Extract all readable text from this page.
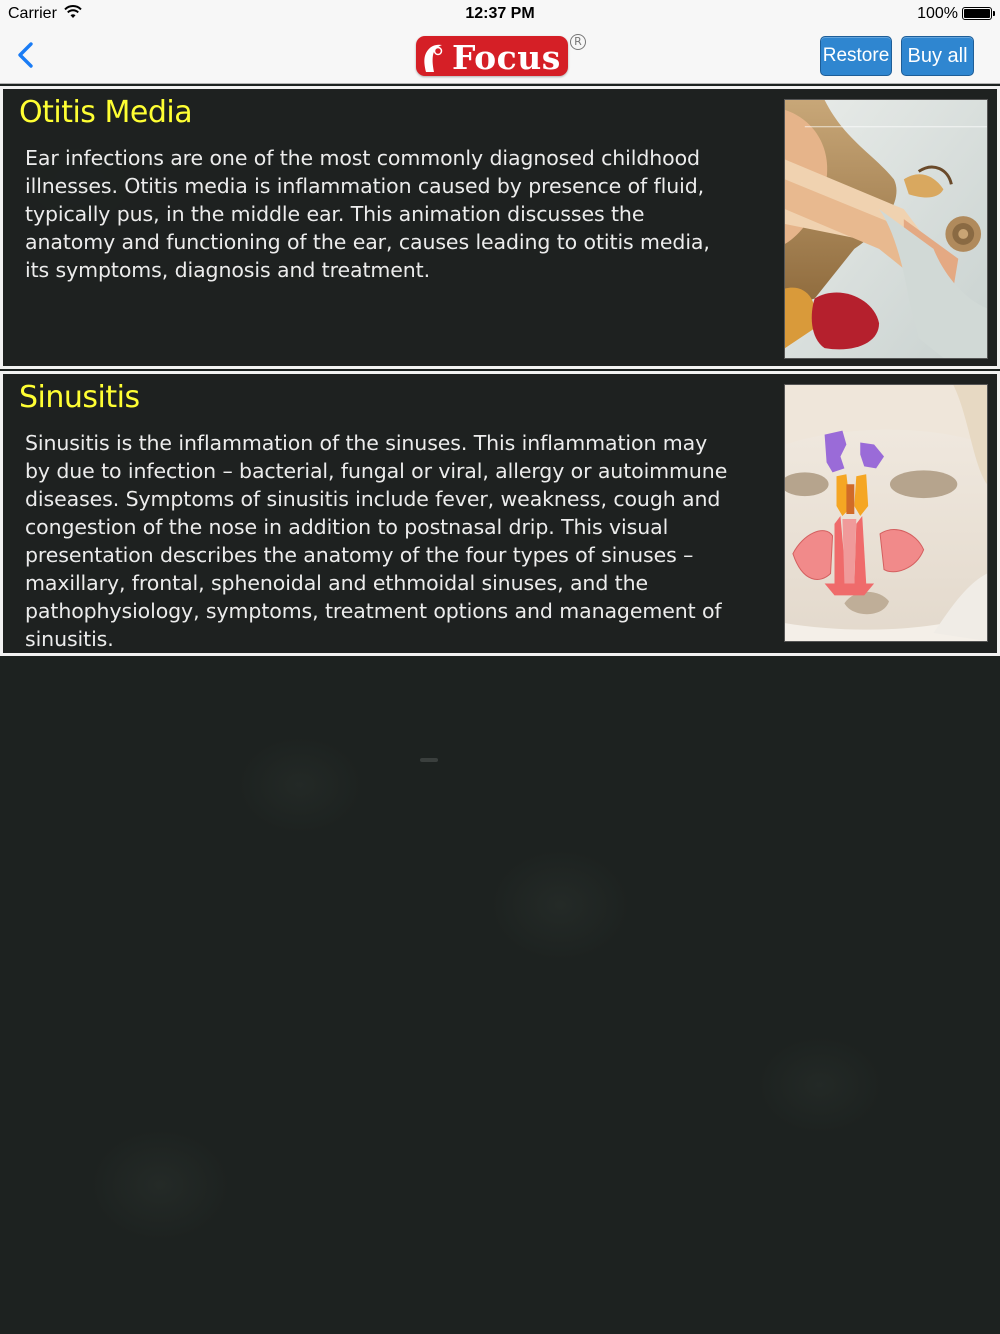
Carrier	12:37 PM	100%
Focus	R
Restore Buy all
Otitis Media
Ear infections are one of the most commonly diagnosed childhood illnesses. Otitis media is inflammation caused by presence of fluid, typically pus, in the middle ear. This animation discusses the anatomy and functioning of the ear, causes leading to otitis media, its symptoms, diagnosis and treatment.
Sinusitis
Sinusitis is the inflammation of the sinuses. This inflammation may by due to infection – bacterial, fungal or viral, allergy or autoimmune diseases. Symptoms of sinusitis include fever, weakness, cough and congestion of the nose in addition to postnasal drip. This visual presentation describes the anatomy of the four types of sinuses – maxillary, frontal, sphenoidal and ethmoidal sinuses, and the pathophysiology, symptoms, treatment options and management of sinusitis.
